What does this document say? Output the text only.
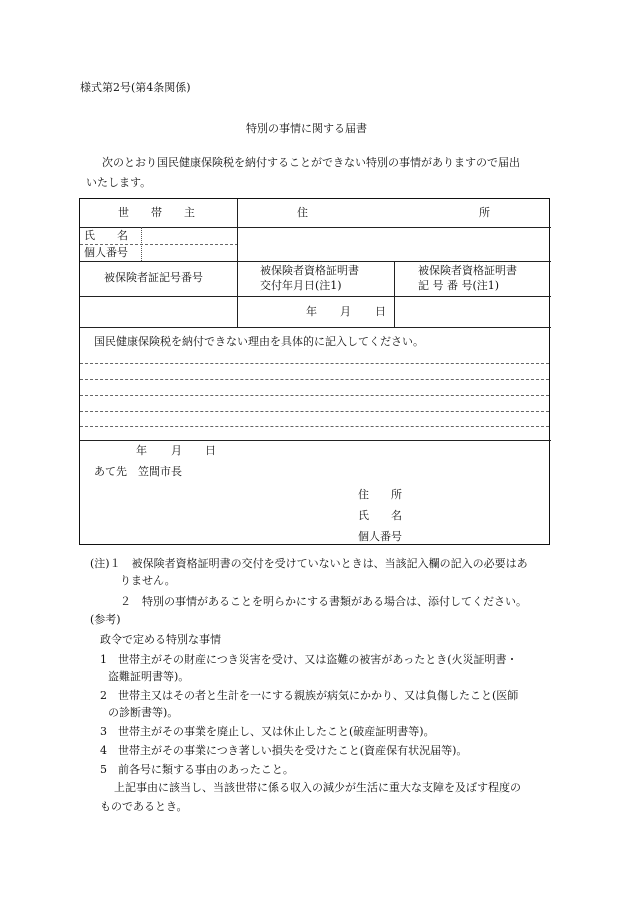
様式第2号(第4条関係)
特別の事情に関する届書
次のとおり国民健康保険税を納付することができない特別の事情がありますので届出
いたします。
世　　帯　　主	住	所
氏　　名
個人番号
被保険者証記号番号
被保険者資格証明書
交付年月日(注1)
被保険者資格証明書
記 号 番 号(注1)
年 月 日
国民健康保険税を納付できない理由を具体的に記入してください。
年 月 日
あて先　笠間市長
住　　所
氏　　名
個人番号
(注)１　被保険者資格証明書の交付を受けていないときは、当該記入欄の記入の必要はあ
りません。
２　特別の事情があることを明らかにする書類がある場合は、添付してください。
(参考)
政令で定める特別な事情
1　世帯主がその財産につき災害を受け、又は盗難の被害があったとき(火災証明書・
盗難証明書等)。
2　世帯主又はその者と生計を一にする親族が病気にかかり、又は負傷したこと(医師
の診断書等)。
3　世帯主がその事業を廃止し、又は休止したこと(破産証明書等)。
4　世帯主がその事業につき著しい損失を受けたこと(資産保有状況届等)。
5　前各号に類する事由のあったこと。
上記事由に該当し、当該世帯に係る収入の減少が生活に重大な支障を及ぼす程度の
ものであるとき。
